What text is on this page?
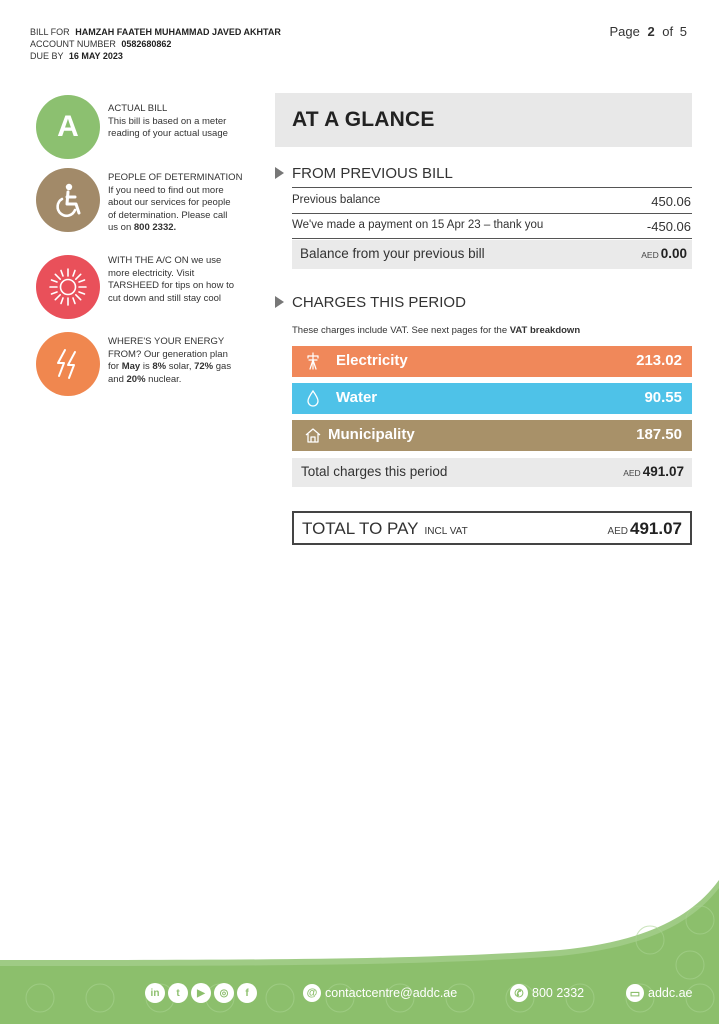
BILL FOR HAMZAH FAATEH MUHAMMAD JAVED AKHTAR
ACCOUNT NUMBER 0582680862
DUE BY 16 MAY 2023
Page 2 of 5
A
ACTUAL BILL
This bill is based on a meter
reading of your actual usage
PEOPLE OF DETERMINATION
If you need to find out more
about our services for people
of determination. Please call
us on 800 2332.
WITH THE A/C ON we use
more electricity. Visit
TARSHEED for tips on how to
cut down and still stay cool
WHERE'S YOUR ENERGY
FROM? Our generation plan
for May is 8% solar, 72% gas
and 20% nuclear.
AT A GLANCE
FROM PREVIOUS BILL
Previous balance	450.06
We've made a payment on 15 Apr 23 – thank you	-450.06
Balance from your previous bill	AED 0.00
CHARGES THIS PERIOD
These charges include VAT. See next pages for the VAT breakdown
Electricity	213.02
Water	90.55
Municipality	187.50
Total charges this period	AED 491.07
TOTAL TO PAY INCL VAT	AED 491.07
in	t	▶	◎	f	@ contactcentre@addc.ae	✆ 800 2332	▭ addc.ae
